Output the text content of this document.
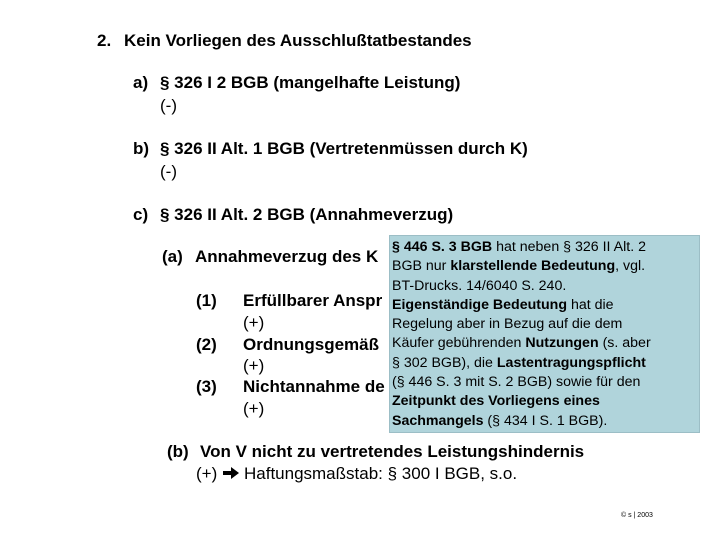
2. Kein Vorliegen des Ausschlußtatbestandes
a) § 326 I 2 BGB (mangelhafte Leistung)
(-)
b) § 326 II Alt. 1 BGB (Vertretenmüssen durch K)
(-)
c) § 326 II Alt. 2 BGB (Annahmeverzug)
(a) Annahmeverzug des K
(1) Erfüllbarer Anspr
(+)
(2) Ordnungsgemäß
(+)
(3) Nichtannahme de
(+)
(b) Von V nicht zu vertretendes Leistungshindernis
(+) Haftungsmaßstab: § 300 I BGB, s.o.
§ 446 S. 3 BGB hat neben § 326 II Alt. 2
BGB nur klarstellende Bedeutung, vgl.
BT-Drucks. 14/6040 S. 240.
Eigenständige Bedeutung hat die
Regelung aber in Bezug auf die dem
Käufer gebührenden Nutzungen (s. aber
§ 302 BGB), die Lastentragungspflicht
(§ 446 S. 3 mit S. 2 BGB) sowie für den
Zeitpunkt des Vorliegens eines
Sachmangels (§ 434 I S. 1 BGB).
© s | 2003
